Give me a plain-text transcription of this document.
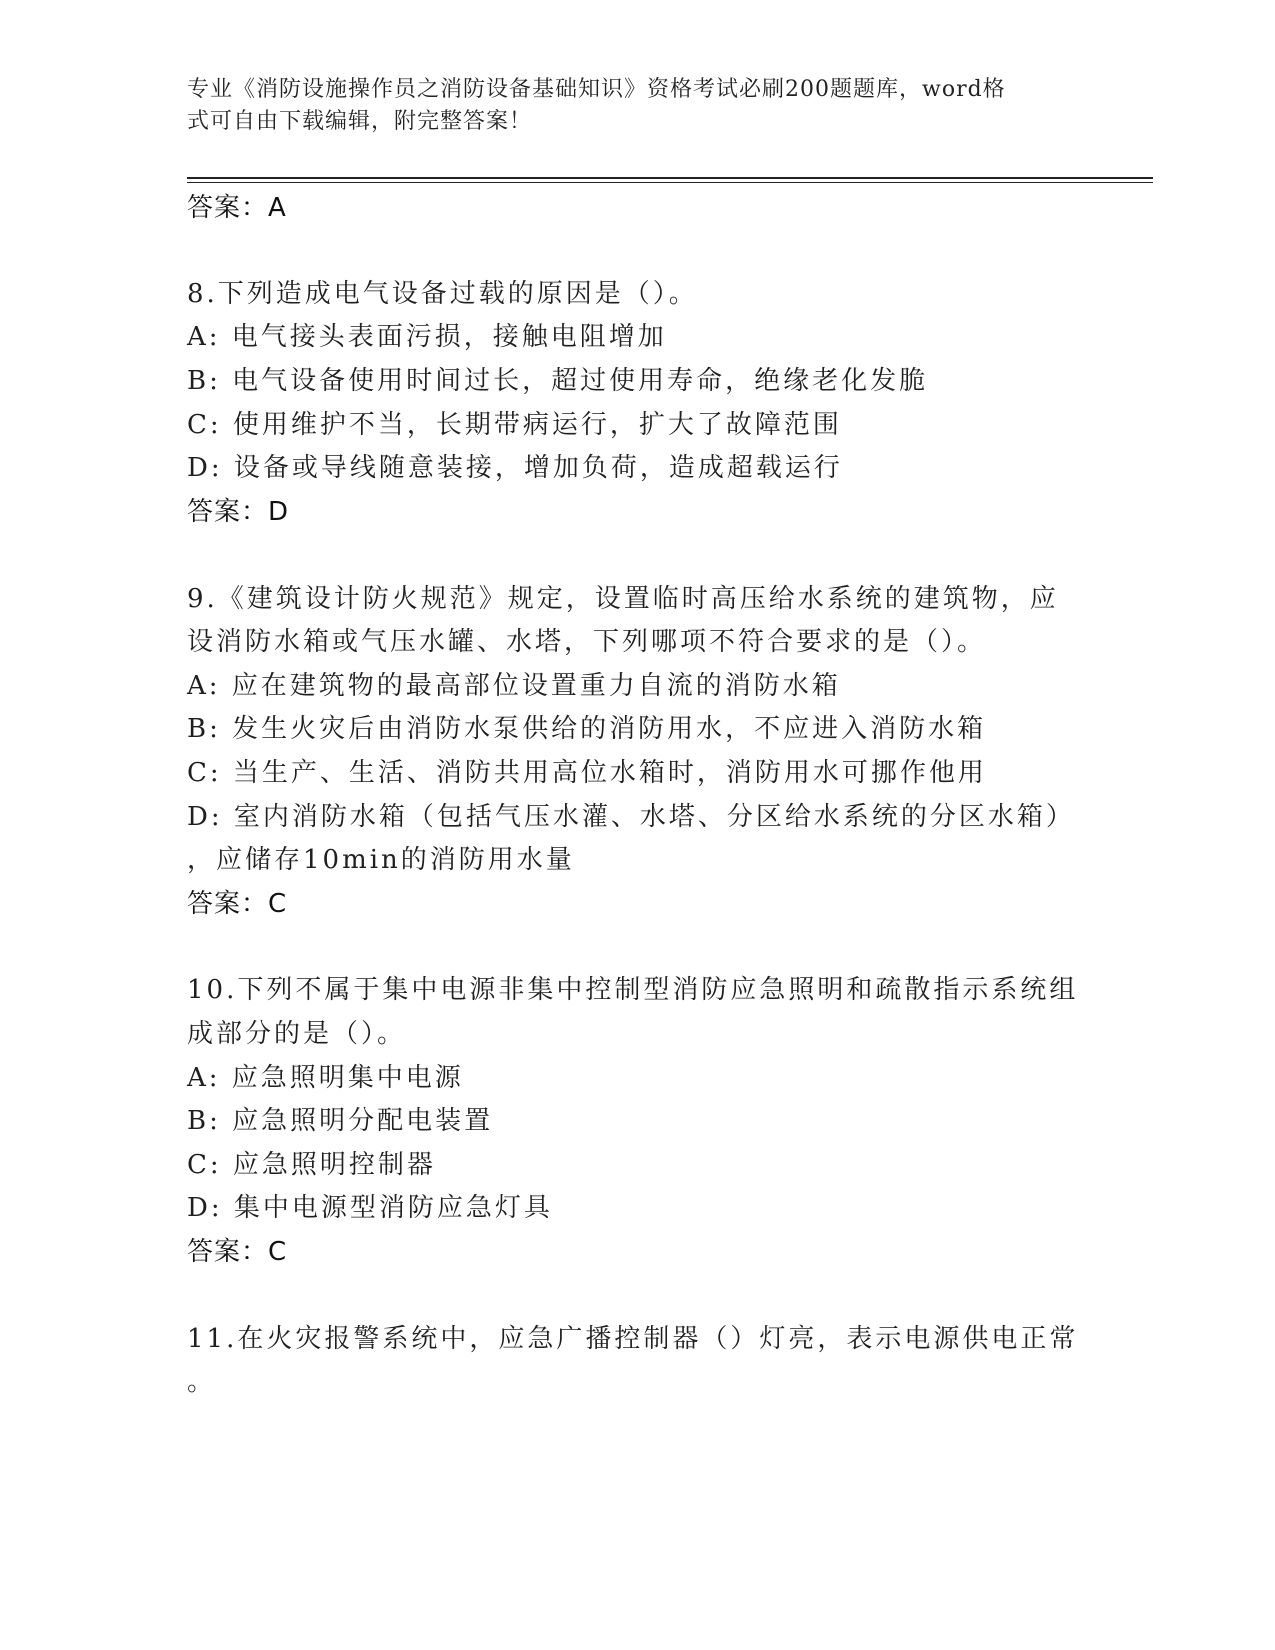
专业《消防设施操作员之消防设备基础知识》资格考试必刷200题题库，word格
式可自由下载编辑，附完整答案！
答案：A
8.下列造成电气设备过载的原因是（）。
A: 电气接头表面污损，接触电阻增加
B: 电气设备使用时间过长，超过使用寿命，绝缘老化发脆
C: 使用维护不当，长期带病运行，扩大了故障范围
D: 设备或导线随意装接，增加负荷，造成超载运行
答案：D
9.《建筑设计防火规范》规定，设置临时高压给水系统的建筑物，应
设消防水箱或气压水罐、水塔，下列哪项不符合要求的是（）。
A: 应在建筑物的最高部位设置重力自流的消防水箱
B: 发生火灾后由消防水泵供给的消防用水，不应进入消防水箱
C: 当生产、生活、消防共用高位水箱时，消防用水可挪作他用
D: 室内消防水箱（包括气压水灌、水塔、分区给水系统的分区水箱）
，应储存10min的消防用水量
答案：C
10.下列不属于集中电源非集中控制型消防应急照明和疏散指示系统组
成部分的是（）。
A: 应急照明集中电源
B: 应急照明分配电装置
C: 应急照明控制器
D: 集中电源型消防应急灯具
答案：C
11.在火灾报警系统中，应急广播控制器（）灯亮，表示电源供电正常
。
